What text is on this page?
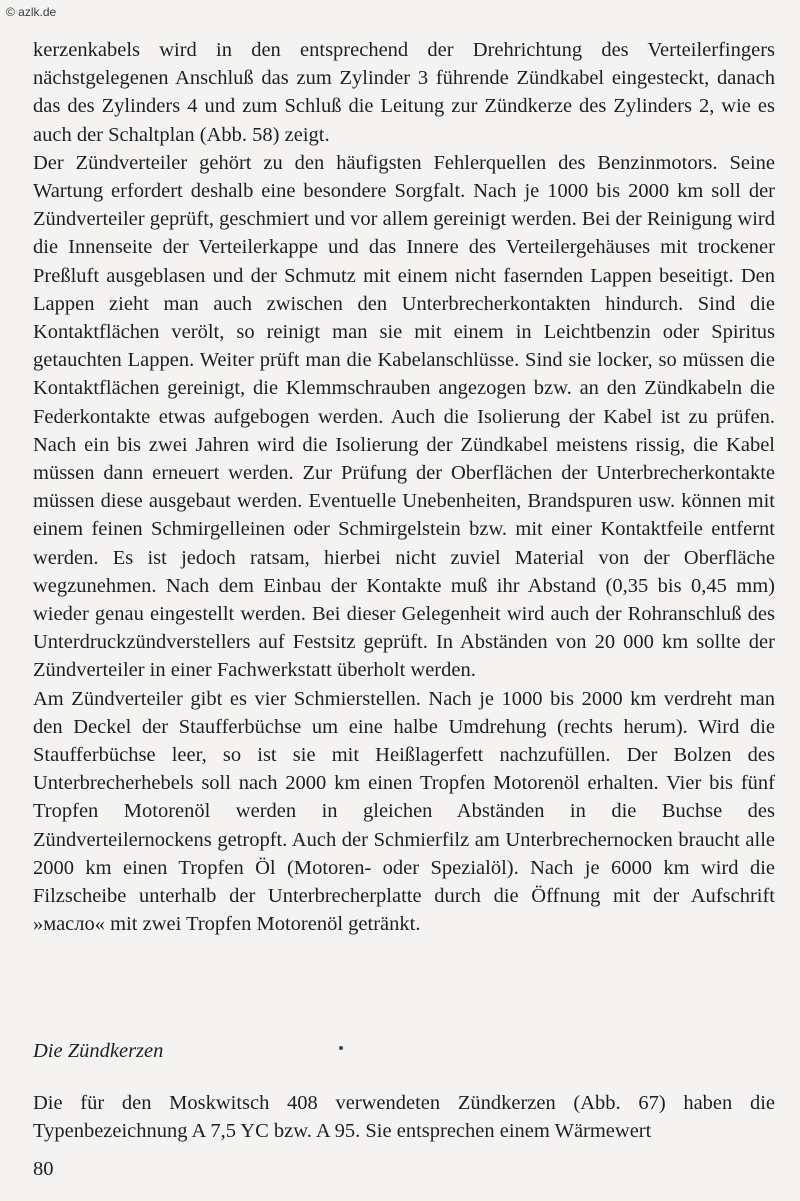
© azlk.de

kerzenkabels wird in den entsprechend der Drehrichtung des Verteilerfingers nächstgelegenen Anschluß das zum Zylinder 3 führende Zündkabel eingesteckt, danach das des Zylinders 4 und zum Schluß die Leitung zur Zündkerze des Zylinders 2, wie es auch der Schaltplan (Abb. 58) zeigt.

Der Zündverteiler gehört zu den häufigsten Fehlerquellen des Benzinmotors. Seine Wartung erfordert deshalb eine besondere Sorgfalt. Nach je 1000 bis 2000 km soll der Zündverteiler geprüft, geschmiert und vor allem gereinigt werden. Bei der Reinigung wird die Innenseite der Verteilerkappe und das Innere des Verteilergehäuses mit trockener Preßluft ausgeblasen und der Schmutz mit einem nicht fasernden Lappen beseitigt. Den Lappen zieht man auch zwischen den Unterbrecherkontakten hindurch. Sind die Kontaktflächen verölt, so reinigt man sie mit einem in Leichtbenzin oder Spiritus getauchten Lappen. Weiter prüft man die Kabelanschlüsse. Sind sie locker, so müssen die Kontaktflächen gereinigt, die Klemmschrauben angezogen bzw. an den Zündkabeln die Federkontakte etwas aufgebogen werden. Auch die Isolierung der Kabel ist zu prüfen. Nach ein bis zwei Jahren wird die Isolierung der Zündkabel meistens rissig, die Kabel müssen dann erneuert werden. Zur Prüfung der Oberflächen der Unterbrecherkontakte müssen diese ausgebaut werden. Eventuelle Unebenheiten, Brandspuren usw. können mit einem feinen Schmirgelleinen oder Schmirgelstein bzw. mit einer Kontaktfeile entfernt werden. Es ist jedoch ratsam, hierbei nicht zuviel Material von der Oberfläche wegzunehmen. Nach dem Einbau der Kontakte muß ihr Abstand (0,35 bis 0,45 mm) wieder genau eingestellt werden. Bei dieser Gelegenheit wird auch der Rohranschluß des Unterdruckzündverstellers auf Festsitz geprüft. In Abständen von 20 000 km sollte der Zündverteiler in einer Fachwerkstatt überholt werden.

Am Zündverteiler gibt es vier Schmierstellen. Nach je 1000 bis 2000 km verdreht man den Deckel der Staufferbüchse um eine halbe Umdrehung (rechts herum). Wird die Staufferbüchse leer, so ist sie mit Heißlagerfett nachzufüllen. Der Bolzen des Unterbrecherhebels soll nach 2000 km einen Tropfen Motorenöl erhalten. Vier bis fünf Tropfen Motorenöl werden in gleichen Abständen in die Buchse des Zündverteilernockens getropft. Auch der Schmierfilz am Unterbrechernocken braucht alle 2000 km einen Tropfen Öl (Motoren- oder Spezialöl). Nach je 6000 km wird die Filzscheibe unterhalb der Unterbrecherplatte durch die Öffnung mit der Aufschrift »масло« mit zwei Tropfen Motorenöl getränkt.

Die Zündkerzen

Die für den Moskwitsch 408 verwendeten Zündkerzen (Abb. 67) haben die Typenbezeichnung A 7,5 YC bzw. A 95. Sie entsprechen einem Wärmewert

80
